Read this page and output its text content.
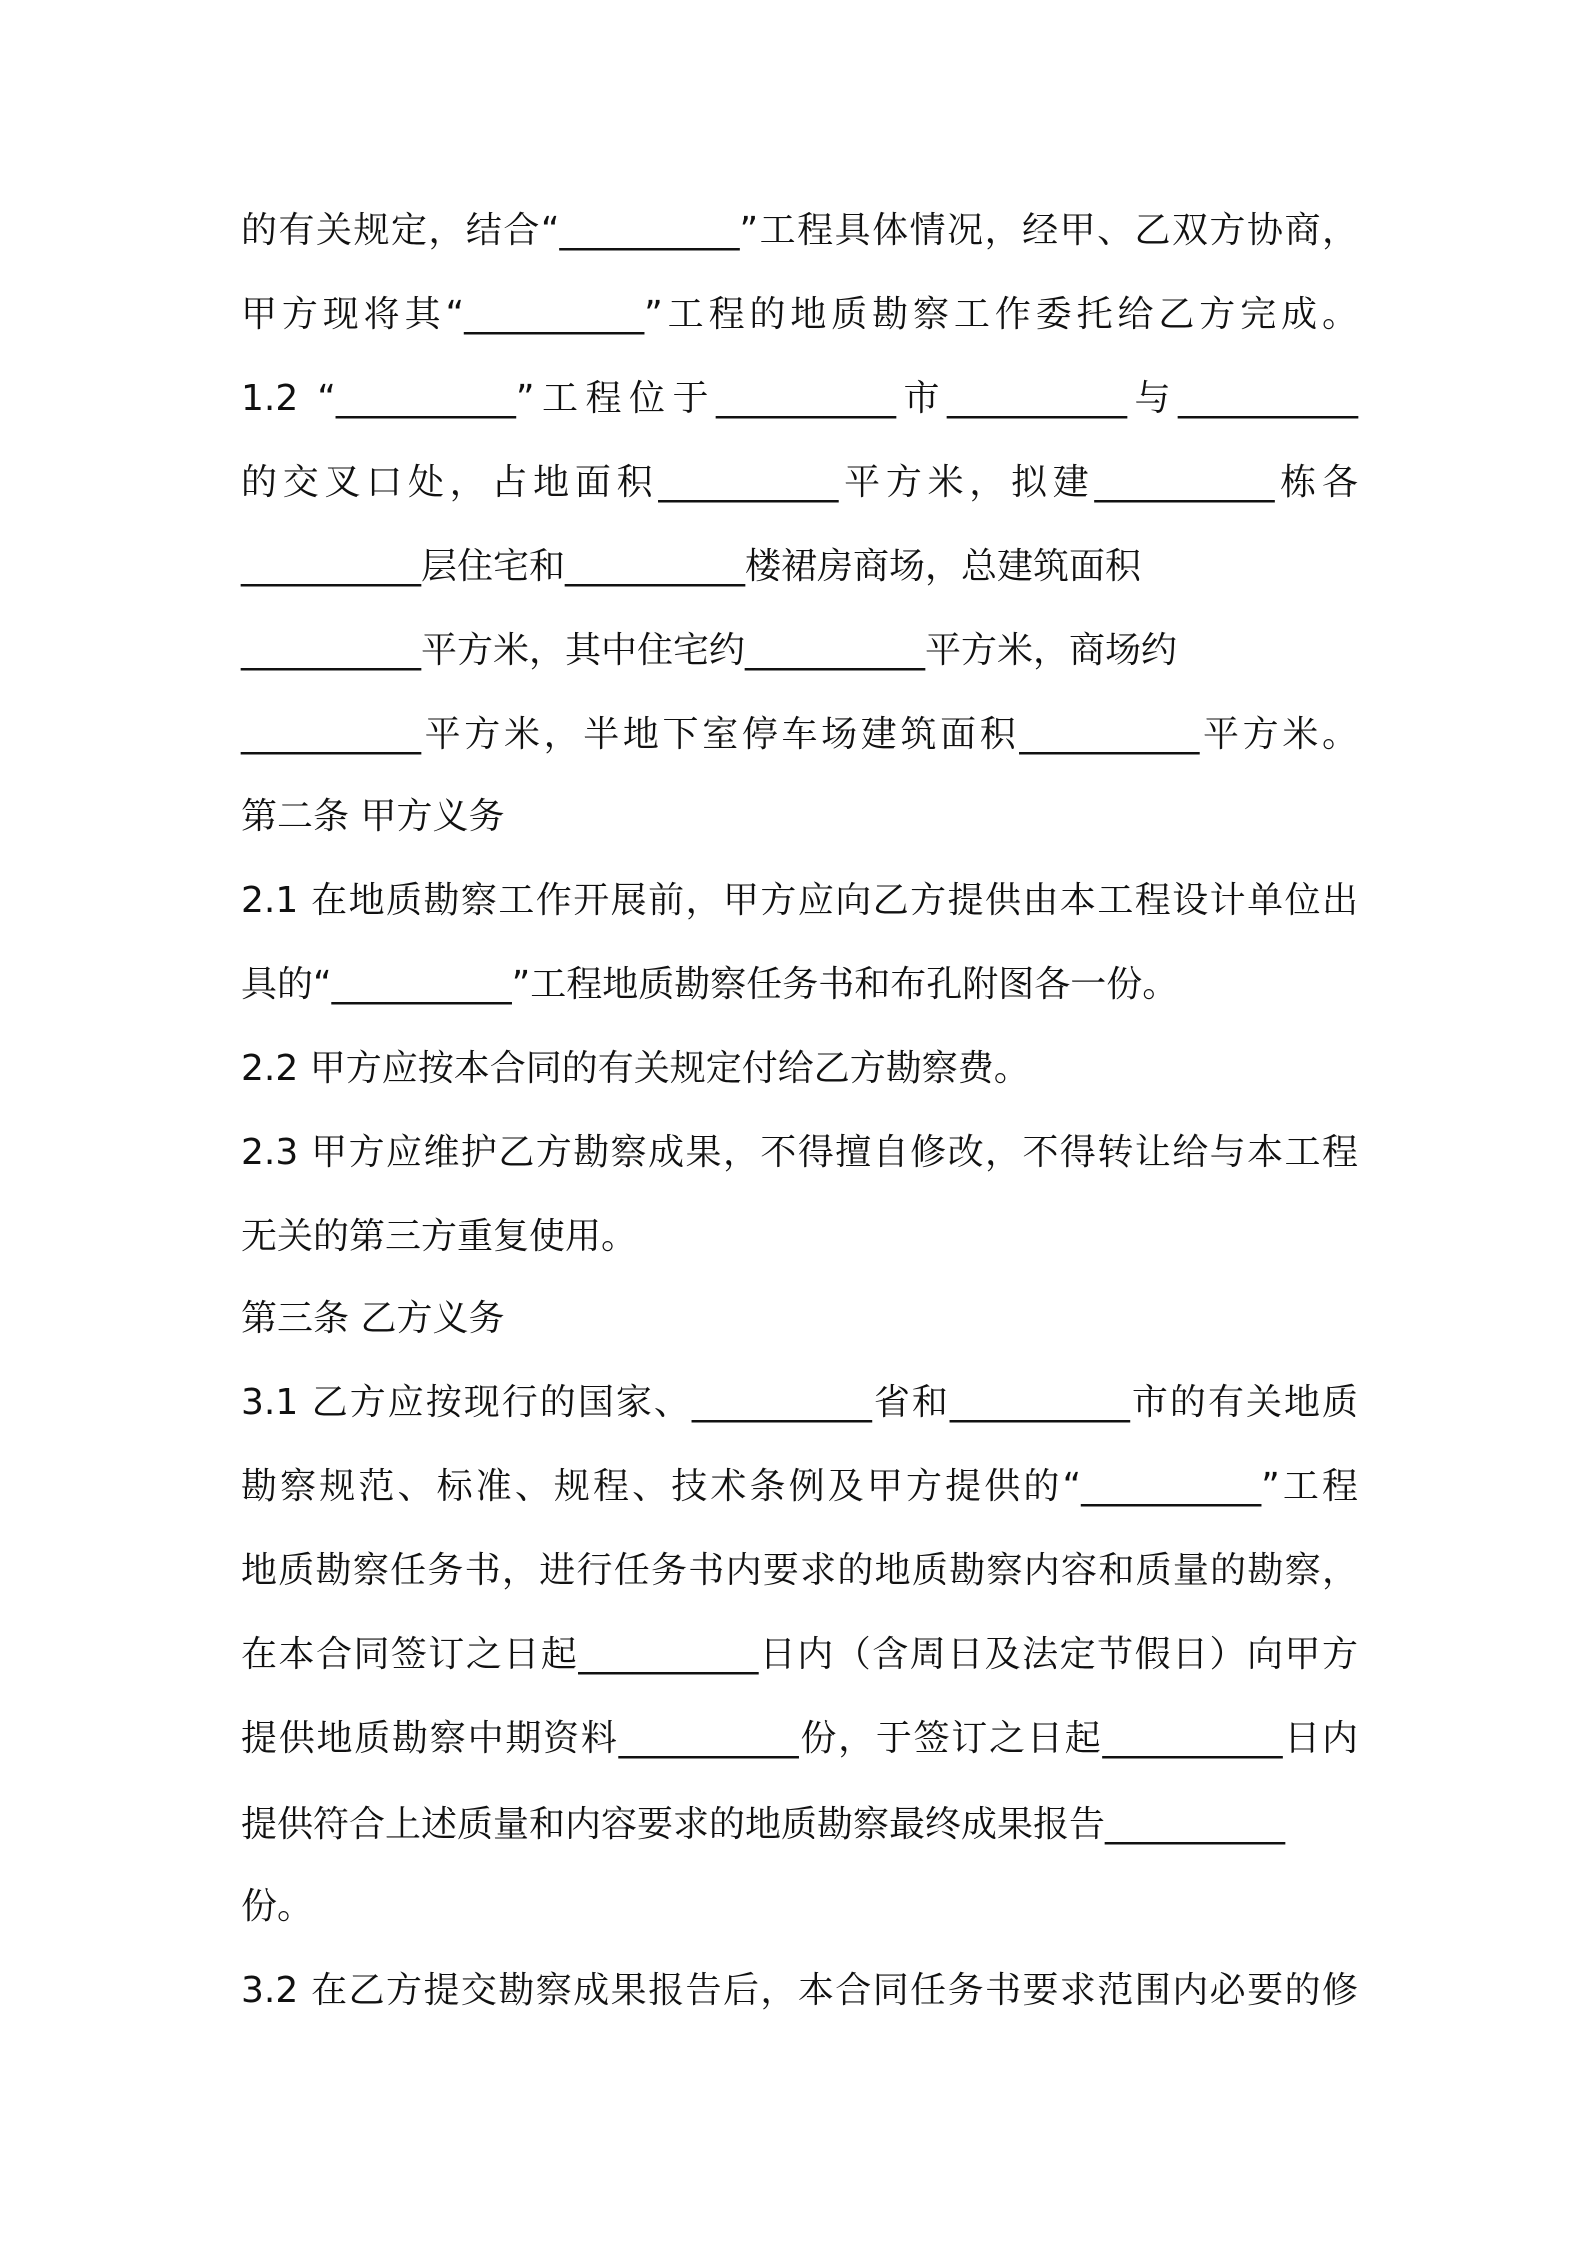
的有关规定，结合“__________”工程具体情况，经甲、乙双方协商，
甲方现将其“__________”工程的地质勘察工作委托给乙方完成。
1.2 “__________”工程位于__________市__________与__________
的交叉口处，占地面积__________平方米，拟建__________栋各
__________层住宅和__________楼裙房商场，总建筑面积
__________平方米，其中住宅约__________平方米，商场约
__________平方米，半地下室停车场建筑面积__________平方米。
第二条 甲方义务
2.1 在地质勘察工作开展前，甲方应向乙方提供由本工程设计单位出
具的“__________”工程地质勘察任务书和布孔附图各一份。
2.2 甲方应按本合同的有关规定付给乙方勘察费。
2.3 甲方应维护乙方勘察成果，不得擅自修改，不得转让给与本工程
无关的第三方重复使用。
第三条 乙方义务
3.1 乙方应按现行的国家、__________省和__________市的有关地质
勘察规范、标准、规程、技术条例及甲方提供的“__________”工程
地质勘察任务书，进行任务书内要求的地质勘察内容和质量的勘察，
在本合同签订之日起__________日内（含周日及法定节假日）向甲方
提供地质勘察中期资料__________份，于签订之日起__________日内
提供符合上述质量和内容要求的地质勘察最终成果报告__________
份。
3.2 在乙方提交勘察成果报告后，本合同任务书要求范围内必要的修
